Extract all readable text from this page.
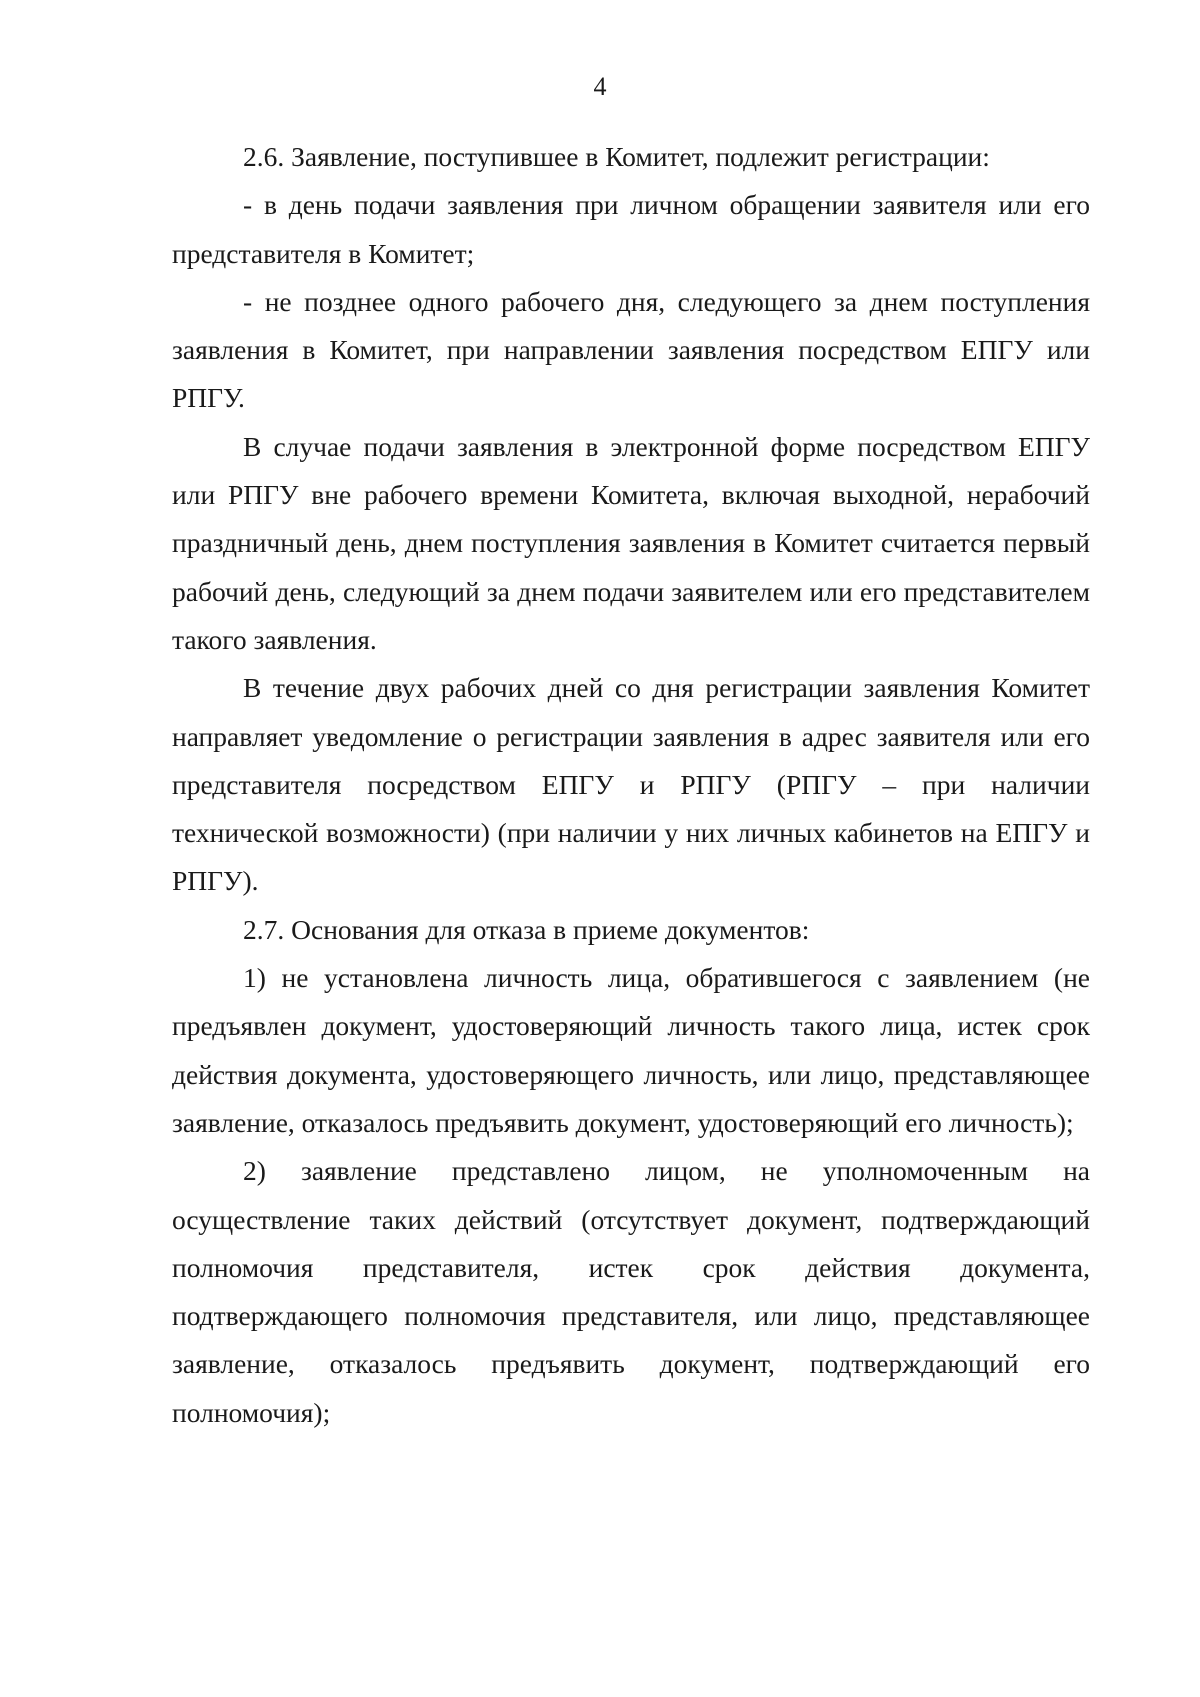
4

2.6. Заявление, поступившее в Комитет, подлежит регистрации:

- в день подачи заявления при личном обращении заявителя или его представителя в Комитет;

- не позднее одного рабочего дня, следующего за днем поступления заявления в Комитет, при направлении заявления посредством ЕПГУ или РПГУ.

В случае подачи заявления в электронной форме посредством ЕПГУ или РПГУ вне рабочего времени Комитета, включая выходной, нерабочий праздничный день, днем поступления заявления в Комитет считается первый рабочий день, следующий за днем подачи заявителем или его представителем такого заявления.

В течение двух рабочих дней со дня регистрации заявления Комитет направляет уведомление о регистрации заявления в адрес заявителя или его представителя посредством ЕПГУ и РПГУ (РПГУ – при наличии технической возможности) (при наличии у них личных кабинетов на ЕПГУ и РПГУ).

2.7. Основания для отказа в приеме документов:

1) не установлена личность лица, обратившегося с заявлением (не предъявлен документ, удостоверяющий личность такого лица, истек срок действия документа, удостоверяющего личность, или лицо, представляющее заявление, отказалось предъявить документ, удостоверяющий его личность);

2) заявление представлено лицом, не уполномоченным на осуществление таких действий (отсутствует документ, подтверждающий полномочия представителя, истек срок действия документа, подтверждающего полномочия представителя, или лицо, представляющее заявление, отказалось предъявить документ, подтверждающий его полномочия);
